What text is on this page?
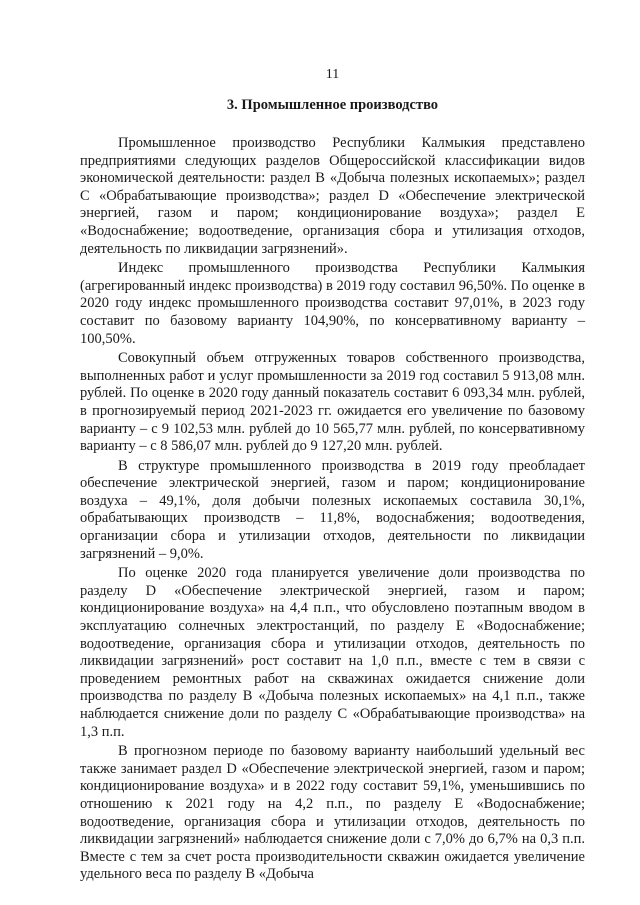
11
3. Промышленное производство

Промышленное производство Республики Калмыкия представлено предприятиями следующих разделов Общероссийской классификации видов экономической деятельности: раздел B «Добыча полезных ископаемых»; раздел C «Обрабатывающие производства»; раздел D «Обеспечение электрической энергией, газом и паром; кондиционирование воздуха»; раздел E «Водоснабжение; водоотведение, организация сбора и утилизация отходов, деятельность по ликвидации загрязнений».

Индекс промышленного производства Республики Калмыкия (агрегированный индекс производства) в 2019 году составил 96,50%. По оценке в 2020 году индекс промышленного производства составит 97,01%, в 2023 году составит по базовому варианту 104,90%, по консервативному варианту – 100,50%.

Совокупный объем отгруженных товаров собственного производства, выполненных работ и услуг промышленности за 2019 год составил 5 913,08 млн. рублей. По оценке в 2020 году данный показатель составит 6 093,34 млн. рублей, в прогнозируемый период 2021-2023 гг. ожидается его увеличение по базовому варианту – с 9 102,53 млн. рублей до 10 565,77 млн. рублей, по консервативному варианту – с 8 586,07 млн. рублей до 9 127,20 млн. рублей.

В структуре промышленного производства в 2019 году преобладает обеспечение электрической энергией, газом и паром; кондиционирование воздуха – 49,1%, доля добычи полезных ископаемых составила 30,1%, обрабатывающих производств – 11,8%, водоснабжения; водоотведения, организации сбора и утилизации отходов, деятельности по ликвидации загрязнений – 9,0%.

По оценке 2020 года планируется увеличение доли производства по разделу D «Обеспечение электрической энергией, газом и паром; кондиционирование воздуха» на 4,4 п.п., что обусловлено поэтапным вводом в эксплуатацию солнечных электростанций, по разделу E «Водоснабжение; водоотведение, организация сбора и утилизации отходов, деятельность по ликвидации загрязнений» рост составит на 1,0 п.п., вместе с тем в связи с проведением ремонтных работ на скважинах ожидается снижение доли производства по разделу B «Добыча полезных ископаемых» на 4,1 п.п., также наблюдается снижение доли по разделу C «Обрабатывающие производства» на 1,3 п.п.

В прогнозном периоде по базовому варианту наибольший удельный вес также занимает раздел D «Обеспечение электрической энергией, газом и паром; кондиционирование воздуха» и в 2022 году составит 59,1%, уменьшившись по отношению к 2021 году на 4,2 п.п., по разделу E «Водоснабжение; водоотведение, организация сбора и утилизации отходов, деятельность по ликвидации загрязнений» наблюдается снижение доли с 7,0% до 6,7% на 0,3 п.п. Вместе с тем за счет роста производительности скважин ожидается увеличение удельного веса по разделу B «Добыча
